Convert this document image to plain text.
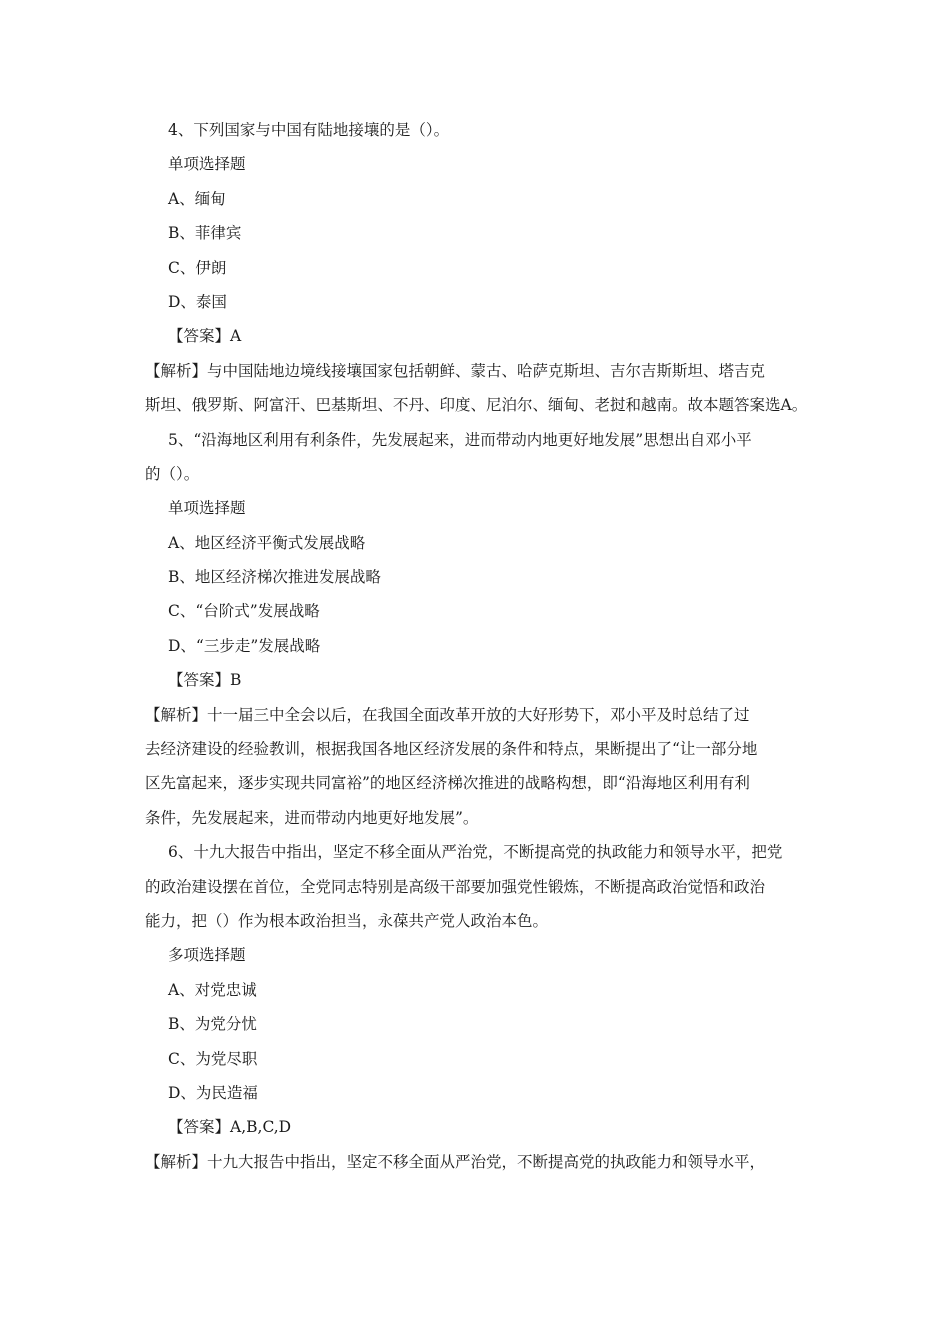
4、下列国家与中国有陆地接壤的是（）。
单项选择题
A、缅甸
B、菲律宾
C、伊朗
D、泰国
【答案】A
【解析】与中国陆地边境线接壤国家包括朝鲜、蒙古、哈萨克斯坦、吉尔吉斯斯坦、塔吉克
斯坦、俄罗斯、阿富汗、巴基斯坦、不丹、印度、尼泊尔、缅甸、老挝和越南。故本题答案选A。
5、“沿海地区利用有利条件，先发展起来，进而带动内地更好地发展”思想出自邓小平
的（）。
单项选择题
A、地区经济平衡式发展战略
B、地区经济梯次推进发展战略
C、“台阶式”发展战略
D、“三步走”发展战略
【答案】B
【解析】十一届三中全会以后，在我国全面改革开放的大好形势下，邓小平及时总结了过
去经济建设的经验教训，根据我国各地区经济发展的条件和特点，果断提出了“让一部分地
区先富起来，逐步实现共同富裕”的地区经济梯次推进的战略构想，即“沿海地区利用有利
条件，先发展起来，进而带动内地更好地发展”。
6、十九大报告中指出，坚定不移全面从严治党，不断提高党的执政能力和领导水平，把党
的政治建设摆在首位，全党同志特别是高级干部要加强党性锻炼，不断提高政治觉悟和政治
能力，把（）作为根本政治担当，永葆共产党人政治本色。
多项选择题
A、对党忠诚
B、为党分忧
C、为党尽职
D、为民造福
【答案】A,B,C,D
【解析】十九大报告中指出，坚定不移全面从严治党，不断提高党的执政能力和领导水平，
